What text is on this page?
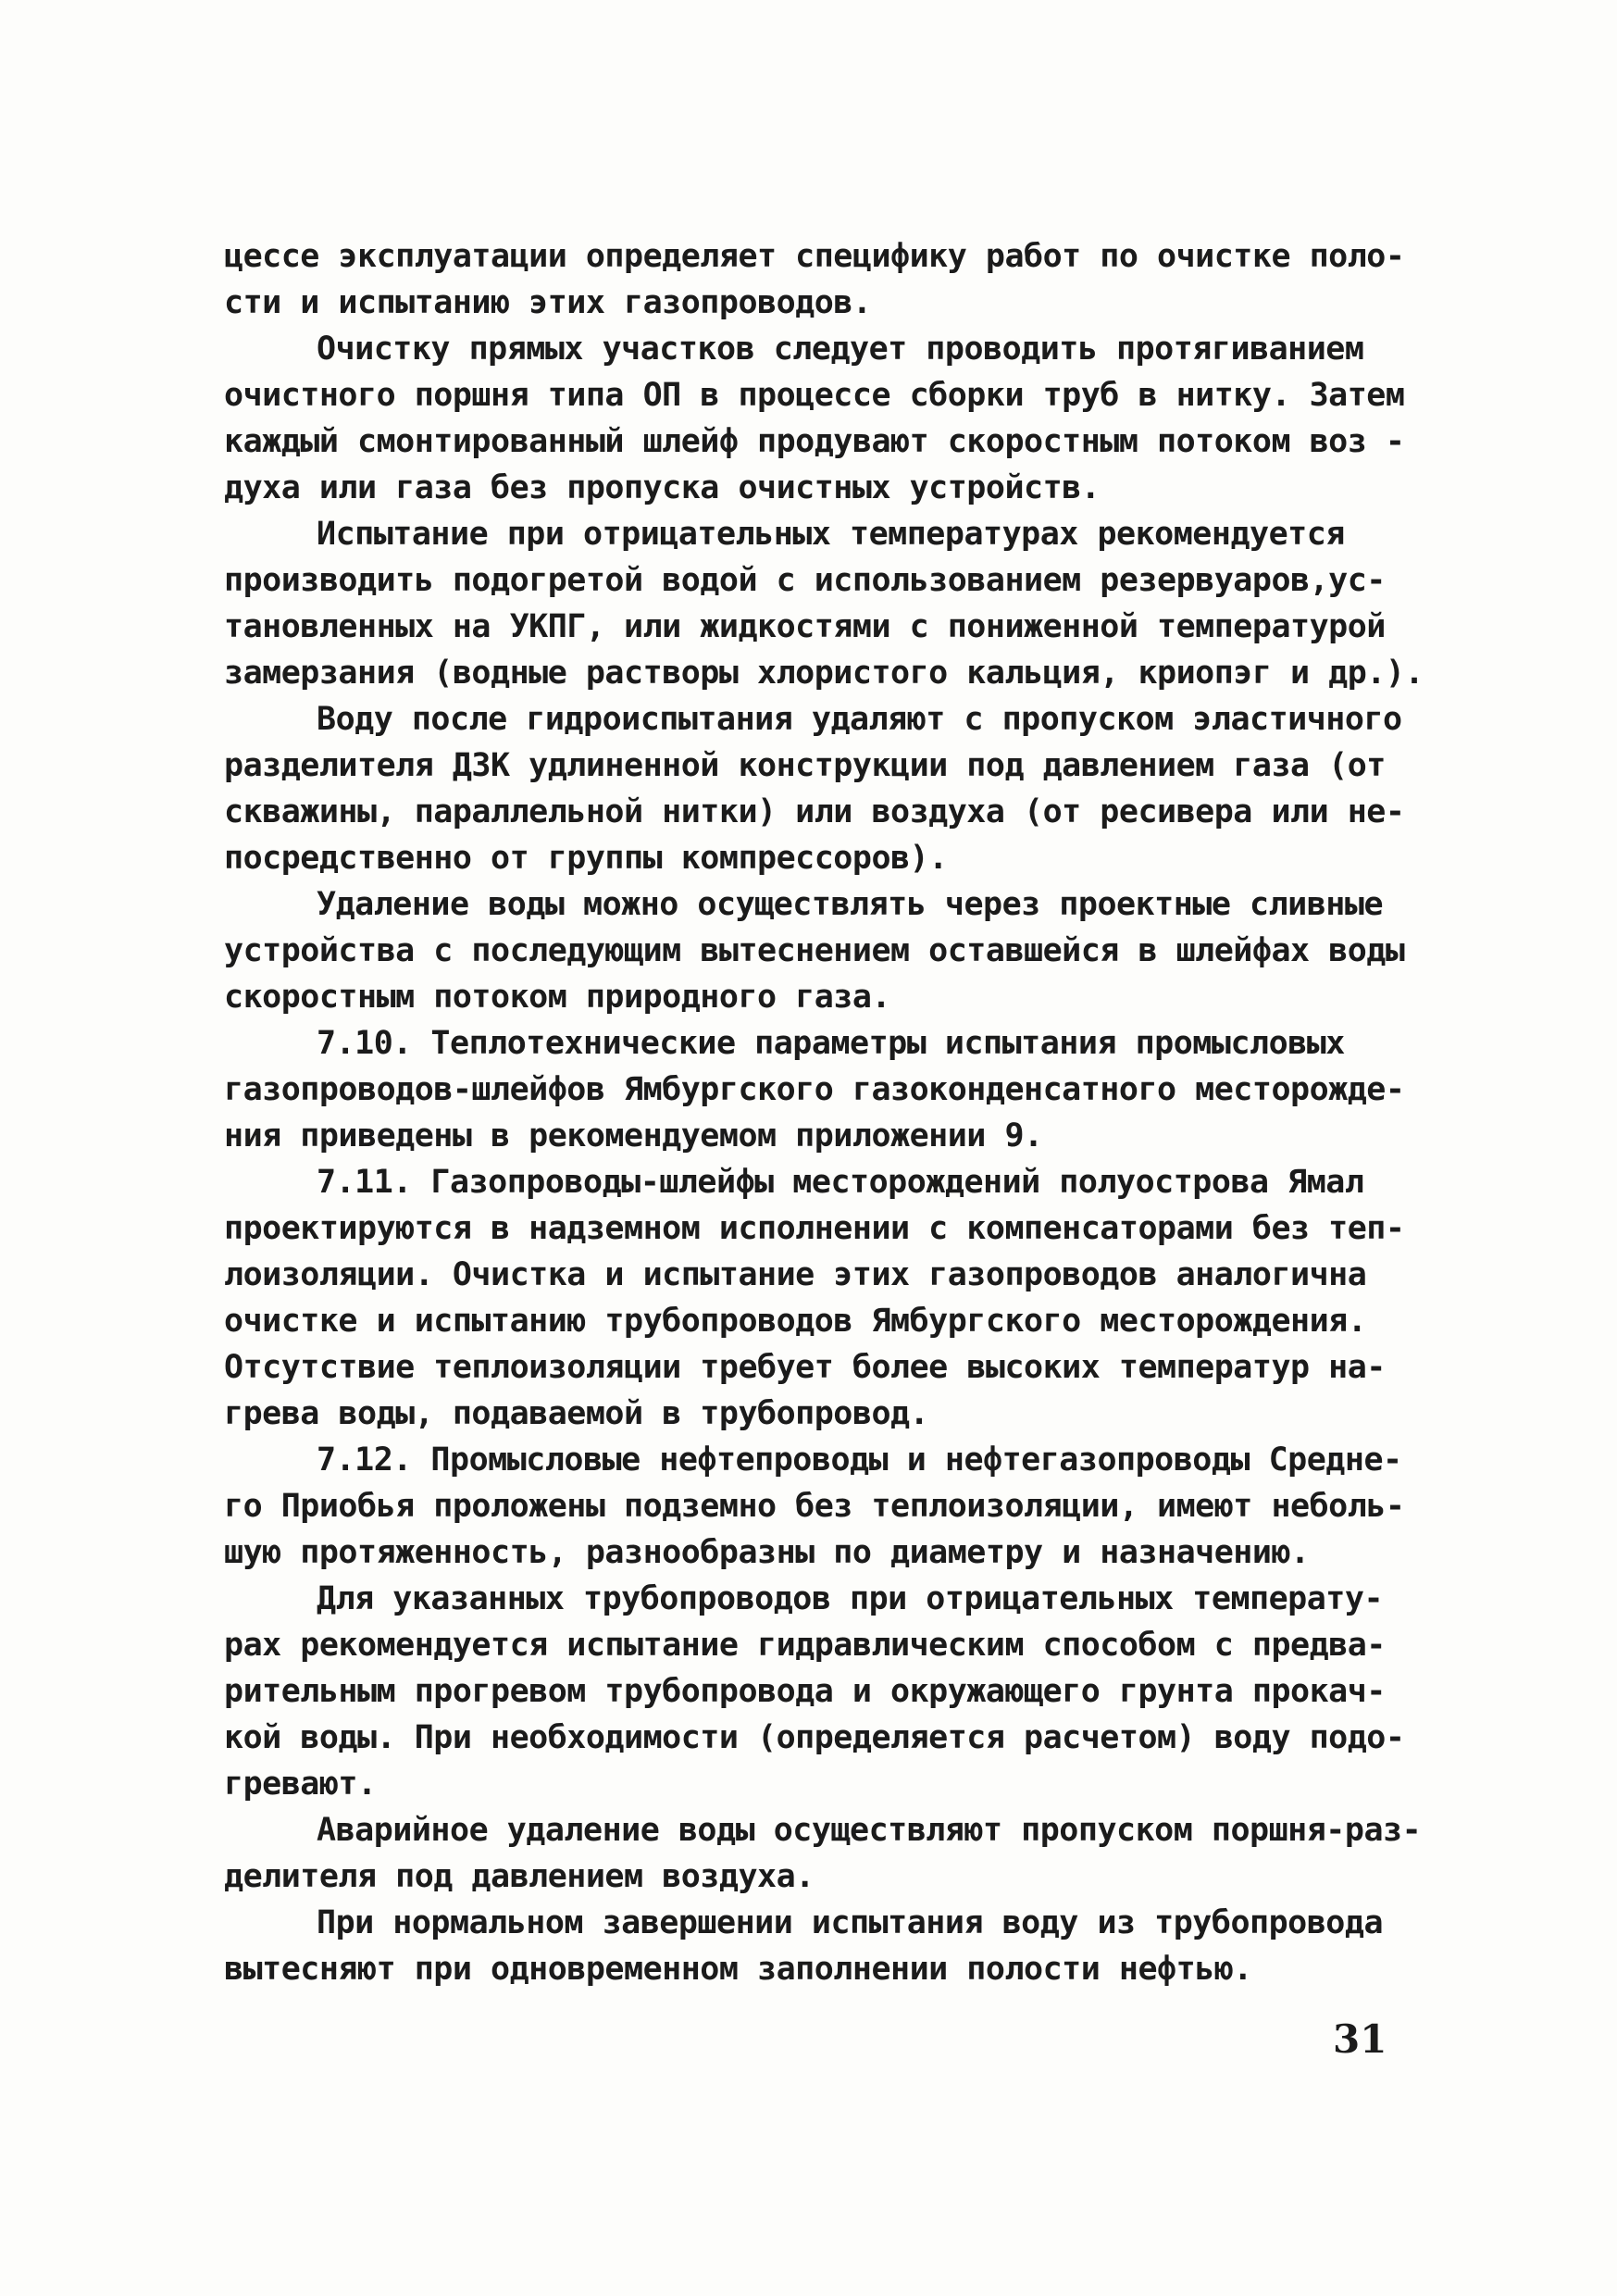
цессе эксплуатации определяет специфику работ по очистке поло-
сти и испытанию этих газопроводов.
Очистку прямых участков следует проводить протягиванием
очистного поршня типа ОП в процессе сборки труб в нитку. Затем
каждый смонтированный шлейф продувают скоростным потоком воз -
духа или газа без пропуска очистных устройств.
Испытание при отрицательных температурах рекомендуется
производить подогретой водой с использованием резервуаров,ус-
тановленных на УКПГ, или жидкостями с пониженной температурой
замерзания (водные растворы хлористого кальция, криопэг и др.).
Воду после гидроиспытания удаляют с пропуском эластичного
разделителя ДЗК удлиненной конструкции под давлением газа (от
скважины, параллельной нитки) или воздуха (от ресивера или не-
посредственно от группы компрессоров).
Удаление воды можно осуществлять через проектные сливные
устройства с последующим вытеснением оставшейся в шлейфах воды
скоростным потоком природного газа.
7.10. Теплотехнические параметры испытания промысловых
газопроводов-шлейфов Ямбургского газоконденсатного месторожде-
ния приведены в рекомендуемом приложении 9.
7.11. Газопроводы-шлейфы месторождений полуострова Ямал
проектируются в надземном исполнении с компенсаторами без теп-
лоизоляции. Очистка и испытание этих газопроводов аналогична
очистке и испытанию трубопроводов Ямбургского месторождения.
Отсутствие теплоизоляции требует более высоких температур на-
грева воды, подаваемой в трубопровод.
7.12. Промысловые нефтепроводы и нефтегазопроводы Средне-
го Приобья проложены подземно без теплоизоляции, имеют неболь-
шую протяженность, разнообразны по диаметру и назначению.
Для указанных трубопроводов при отрицательных температу-
рах рекомендуется испытание гидравлическим способом с предва-
рительным прогревом трубопровода и окружающего грунта прокач-
кой воды. При необходимости (определяется расчетом) воду подо-
гревают.
Аварийное удаление воды осуществляют пропуском поршня-раз-
делителя под давлением воздуха.
При нормальном завершении испытания воду из трубопровода
вытесняют при одновременном заполнении полости нефтью.
31
